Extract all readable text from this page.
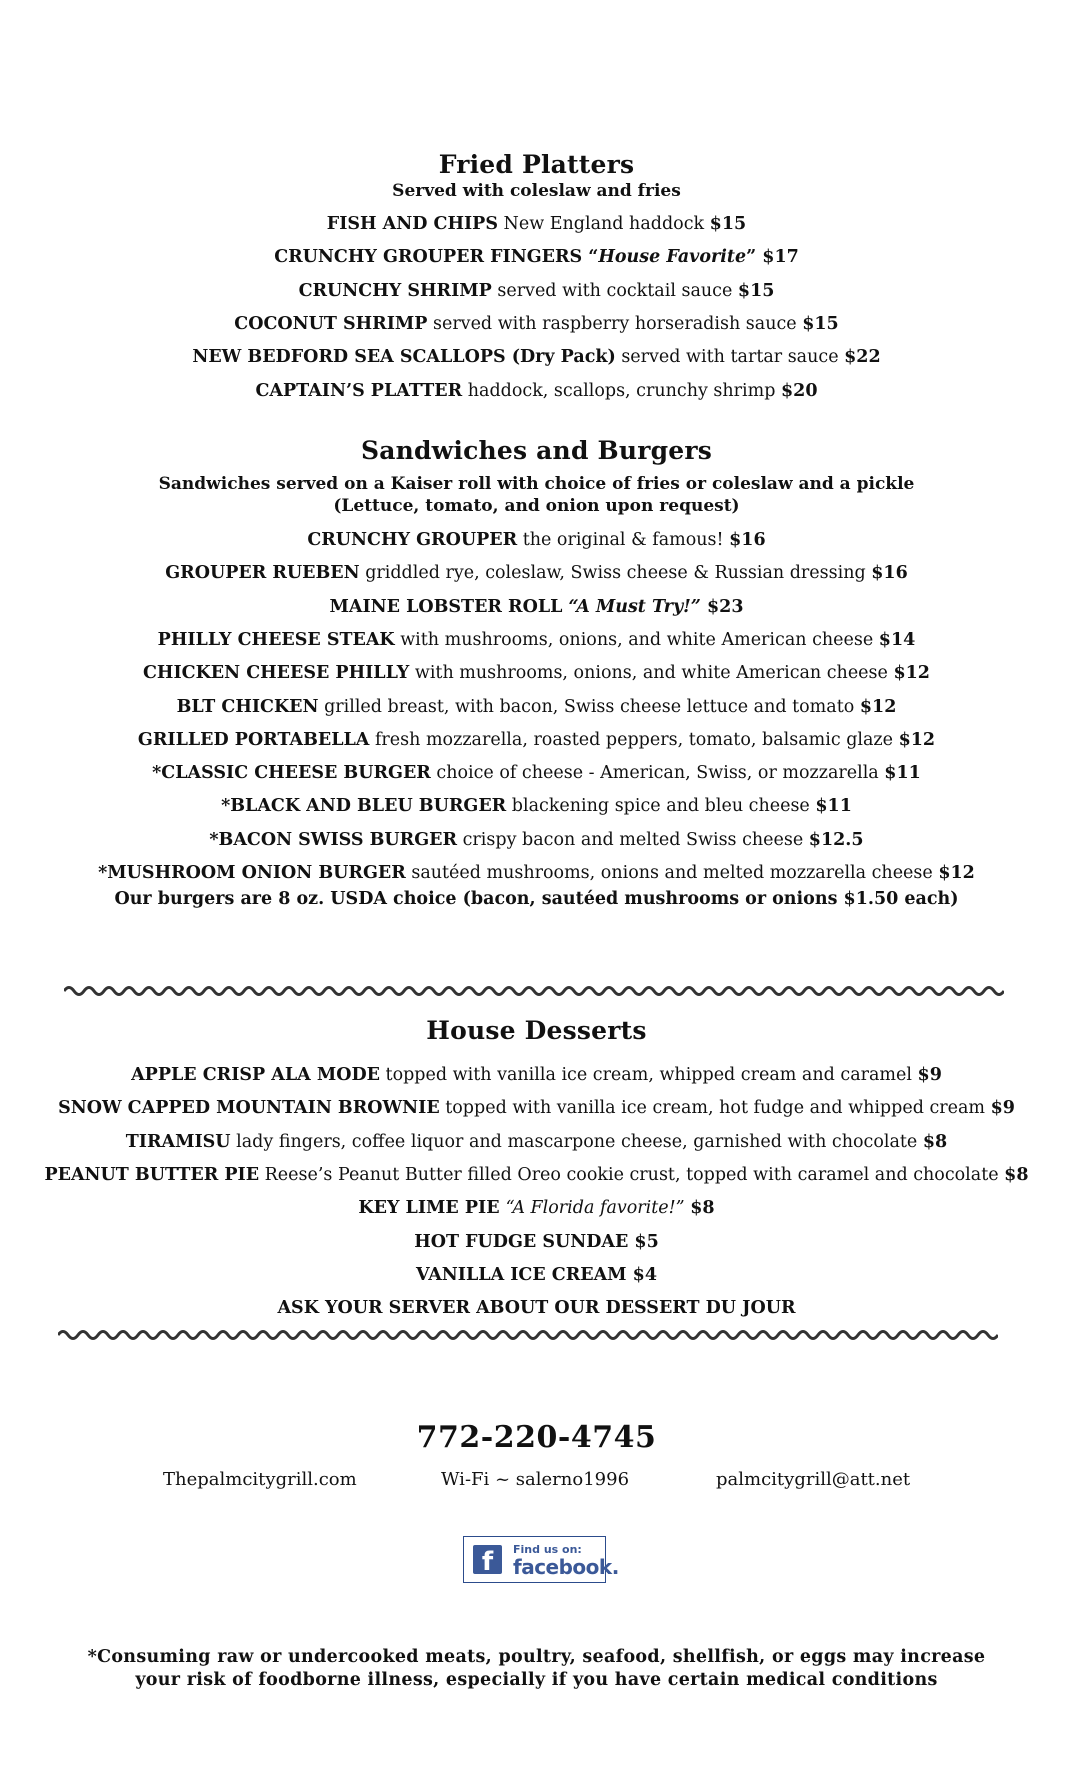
Fried Platters
Served with coleslaw and fries
FISH AND CHIPS New England haddock $15
CRUNCHY GROUPER FINGERS “House Favorite” $17
CRUNCHY SHRIMP served with cocktail sauce $15
COCONUT SHRIMP served with raspberry horseradish sauce $15
NEW BEDFORD SEA SCALLOPS (Dry Pack) served with tartar sauce $22
CAPTAIN’S PLATTER haddock, scallops, crunchy shrimp $20
Sandwiches and Burgers
Sandwiches served on a Kaiser roll with choice of fries or coleslaw and a pickle
(Lettuce, tomato, and onion upon request)
CRUNCHY GROUPER the original & famous! $16
GROUPER RUEBEN griddled rye, coleslaw, Swiss cheese & Russian dressing $16
MAINE LOBSTER ROLL “A Must Try!” $23
PHILLY CHEESE STEAK with mushrooms, onions, and white American cheese $14
CHICKEN CHEESE PHILLY with mushrooms, onions, and white American cheese $12
BLT CHICKEN grilled breast, with bacon, Swiss cheese lettuce and tomato $12
GRILLED PORTABELLA fresh mozzarella, roasted peppers, tomato, balsamic glaze $12
*CLASSIC CHEESE BURGER choice of cheese - American, Swiss, or mozzarella $11
*BLACK AND BLEU BURGER blackening spice and bleu cheese $11
*BACON SWISS BURGER crispy bacon and melted Swiss cheese $12.5
*MUSHROOM ONION BURGER sautéed mushrooms, onions and melted mozzarella cheese $12
Our burgers are 8 oz. USDA choice (bacon, sautéed mushrooms or onions $1.50 each)
House Desserts
APPLE CRISP ALA MODE topped with vanilla ice cream, whipped cream and caramel $9
SNOW CAPPED MOUNTAIN BROWNIE topped with vanilla ice cream, hot fudge and whipped cream $9
TIRAMISU lady fingers, coffee liquor and mascarpone cheese, garnished with chocolate $8
PEANUT BUTTER PIE Reese’s Peanut Butter filled Oreo cookie crust, topped with caramel and chocolate $8
KEY LIME PIE “A Florida favorite!” $8
HOT FUDGE SUNDAE $5
VANILLA ICE CREAM $4
ASK YOUR SERVER ABOUT OUR DESSERT DU JOUR
772-220-4745
Thepalmcitygrill.com	Wi-Fi ~ salerno1996	palmcitygrill@att.net
f	Find us on:
facebook.
*Consuming raw or undercooked meats, poultry, seafood, shellfish, or eggs may increase
your risk of foodborne illness, especially if you have certain medical conditions
